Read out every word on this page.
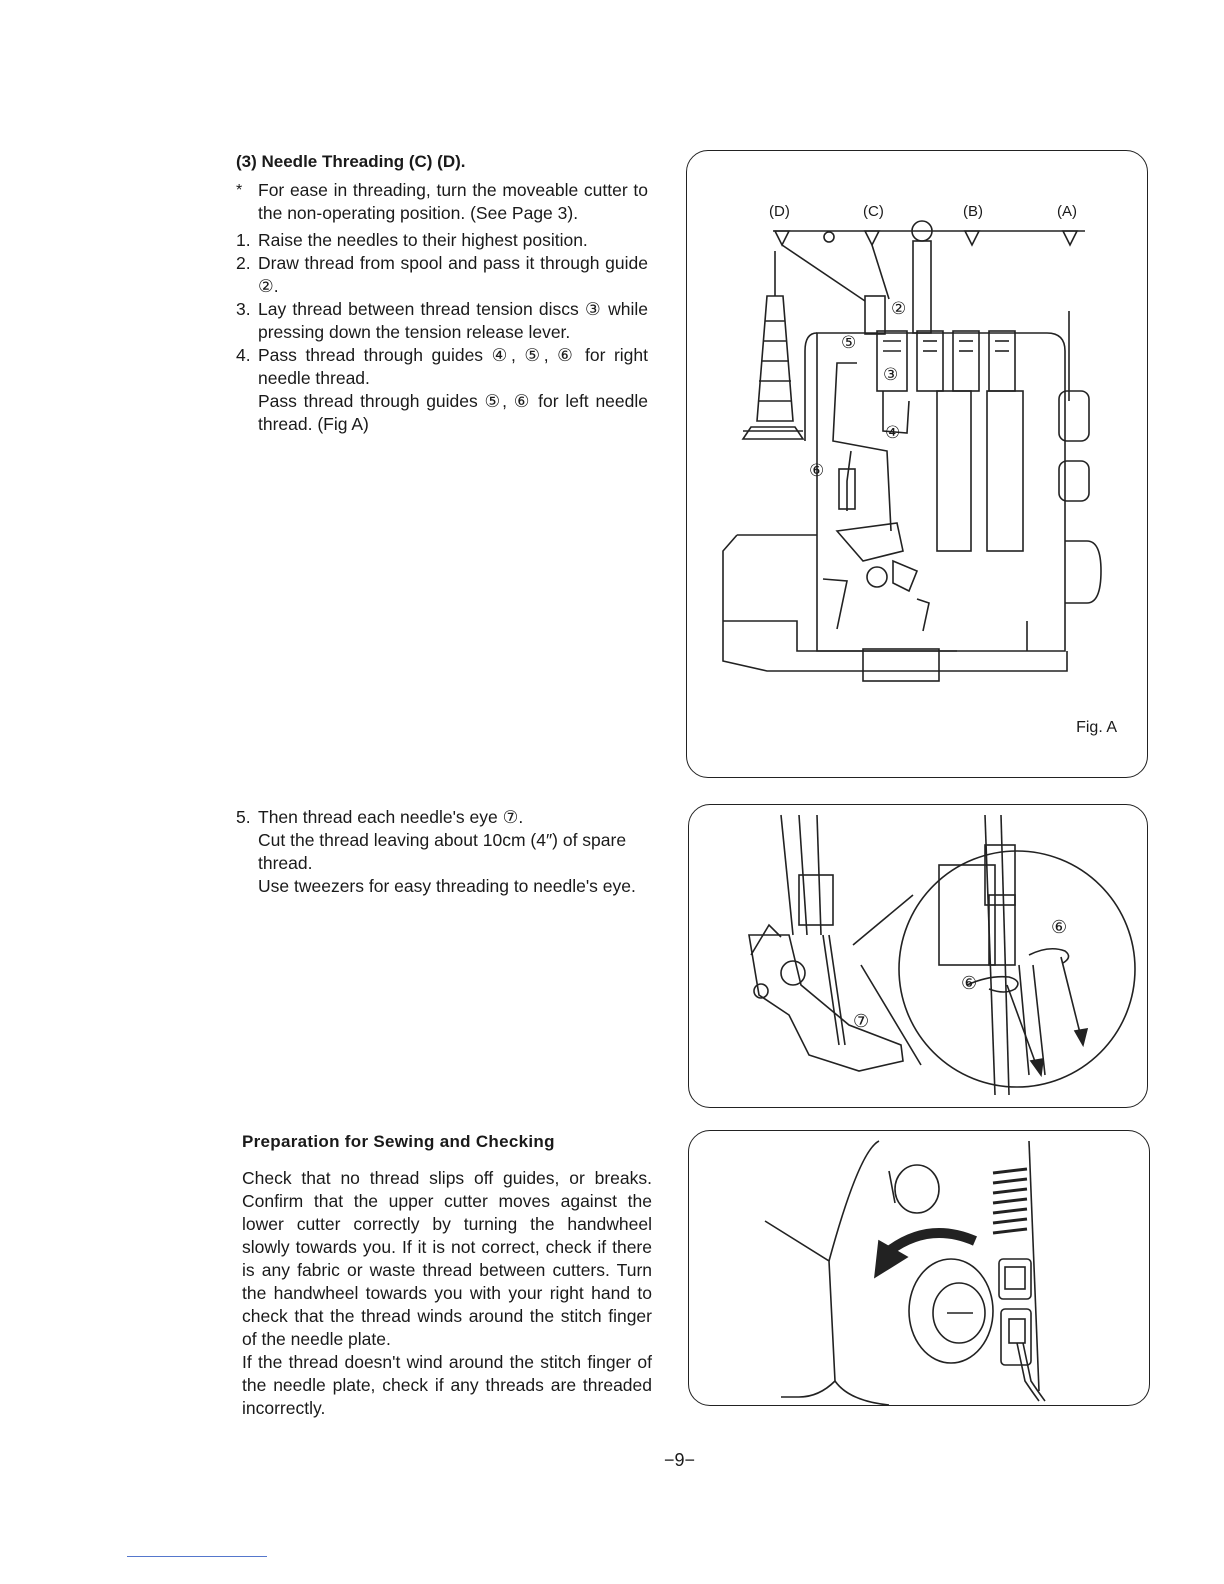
(3) Needle Threading (C) (D).
* For ease in threading, turn the moveable cutter to the non-operating position. (See Page 3).
1. Raise the needles to their highest position.
2. Draw thread from spool and pass it through guide ②.
3. Lay thread between thread tension discs ③ while pressing down the tension release lever.
4. Pass thread through guides ④, ⑤, ⑥ for right needle thread.
Pass thread through guides ⑤, ⑥ for left needle thread. (Fig A)
5. Then thread each needle's eye ⑦.
Cut the thread leaving about 10cm (4″) of spare thread.
Use tweezers for easy threading to needle's eye.
Preparation for Sewing and Checking
Check that no thread slips off guides, or breaks. Confirm that the upper cutter moves against the lower cutter correctly by turning the handwheel slowly towards you. If it is not correct, check if there is any fabric or waste thread between cutters. Turn the handwheel towards you with your right hand to check that the thread winds around the stitch finger of the needle plate.
If the thread doesn't wind around the stitch finger of the needle plate, check if any threads are threaded incorrectly.
(D)	(C)	(B)	(A)
②
⑤
③
④
⑥
Fig. A
⑥
⑥
⑦
−9−
